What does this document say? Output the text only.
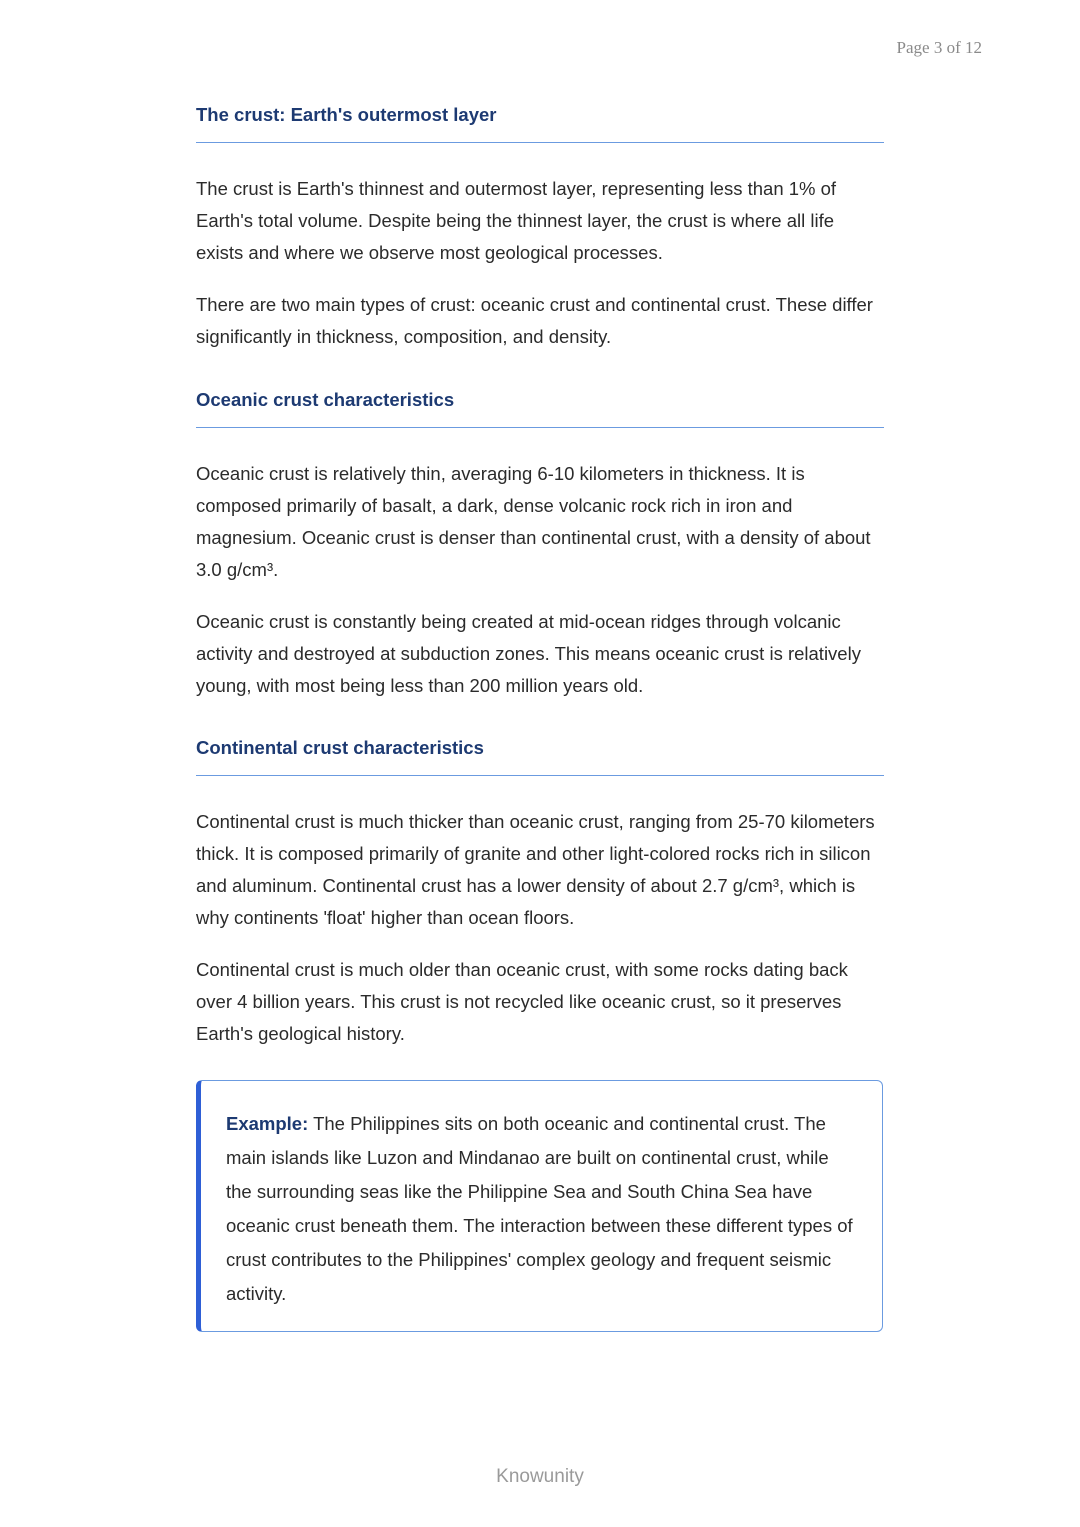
Page 3 of 12
The crust: Earth's outermost layer

The crust is Earth's thinnest and outermost layer, representing less than 1% of Earth's total volume. Despite being the thinnest layer, the crust is where all life exists and where we observe most geological processes.

There are two main types of crust: oceanic crust and continental crust. These differ significantly in thickness, composition, and density.

Oceanic crust characteristics

Oceanic crust is relatively thin, averaging 6-10 kilometers in thickness. It is composed primarily of basalt, a dark, dense volcanic rock rich in iron and magnesium. Oceanic crust is denser than continental crust, with a density of about 3.0 g/cm³.

Oceanic crust is constantly being created at mid-ocean ridges through volcanic activity and destroyed at subduction zones. This means oceanic crust is relatively young, with most being less than 200 million years old.

Continental crust characteristics

Continental crust is much thicker than oceanic crust, ranging from 25-70 kilometers thick. It is composed primarily of granite and other light-colored rocks rich in silicon and aluminum. Continental crust has a lower density of about 2.7 g/cm³, which is why continents 'float' higher than ocean floors.

Continental crust is much older than oceanic crust, with some rocks dating back over 4 billion years. This crust is not recycled like oceanic crust, so it preserves Earth's geological history.

Example: The Philippines sits on both oceanic and continental crust. The main islands like Luzon and Mindanao are built on continental crust, while the surrounding seas like the Philippine Sea and South China Sea have oceanic crust beneath them. The interaction between these different types of crust contributes to the Philippines' complex geology and frequent seismic activity.

Knowunity
